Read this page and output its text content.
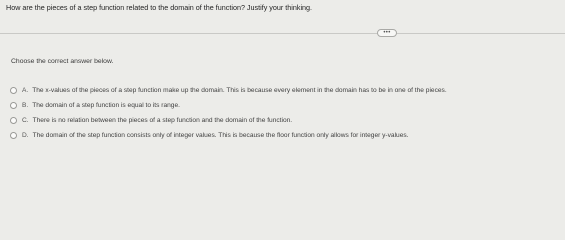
How are the pieces of a step function related to the domain of the function? Justify your thinking.
•••
Choose the correct answer below.
A. The x-values of the pieces of a step function make up the domain. This is because every element in the domain has to be in one of the pieces.
B. The domain of a step function is equal to its range.
C. There is no relation between the pieces of a step function and the domain of the function.
D. The domain of the step function consists only of integer values. This is because the floor function only allows for integer y-values.
